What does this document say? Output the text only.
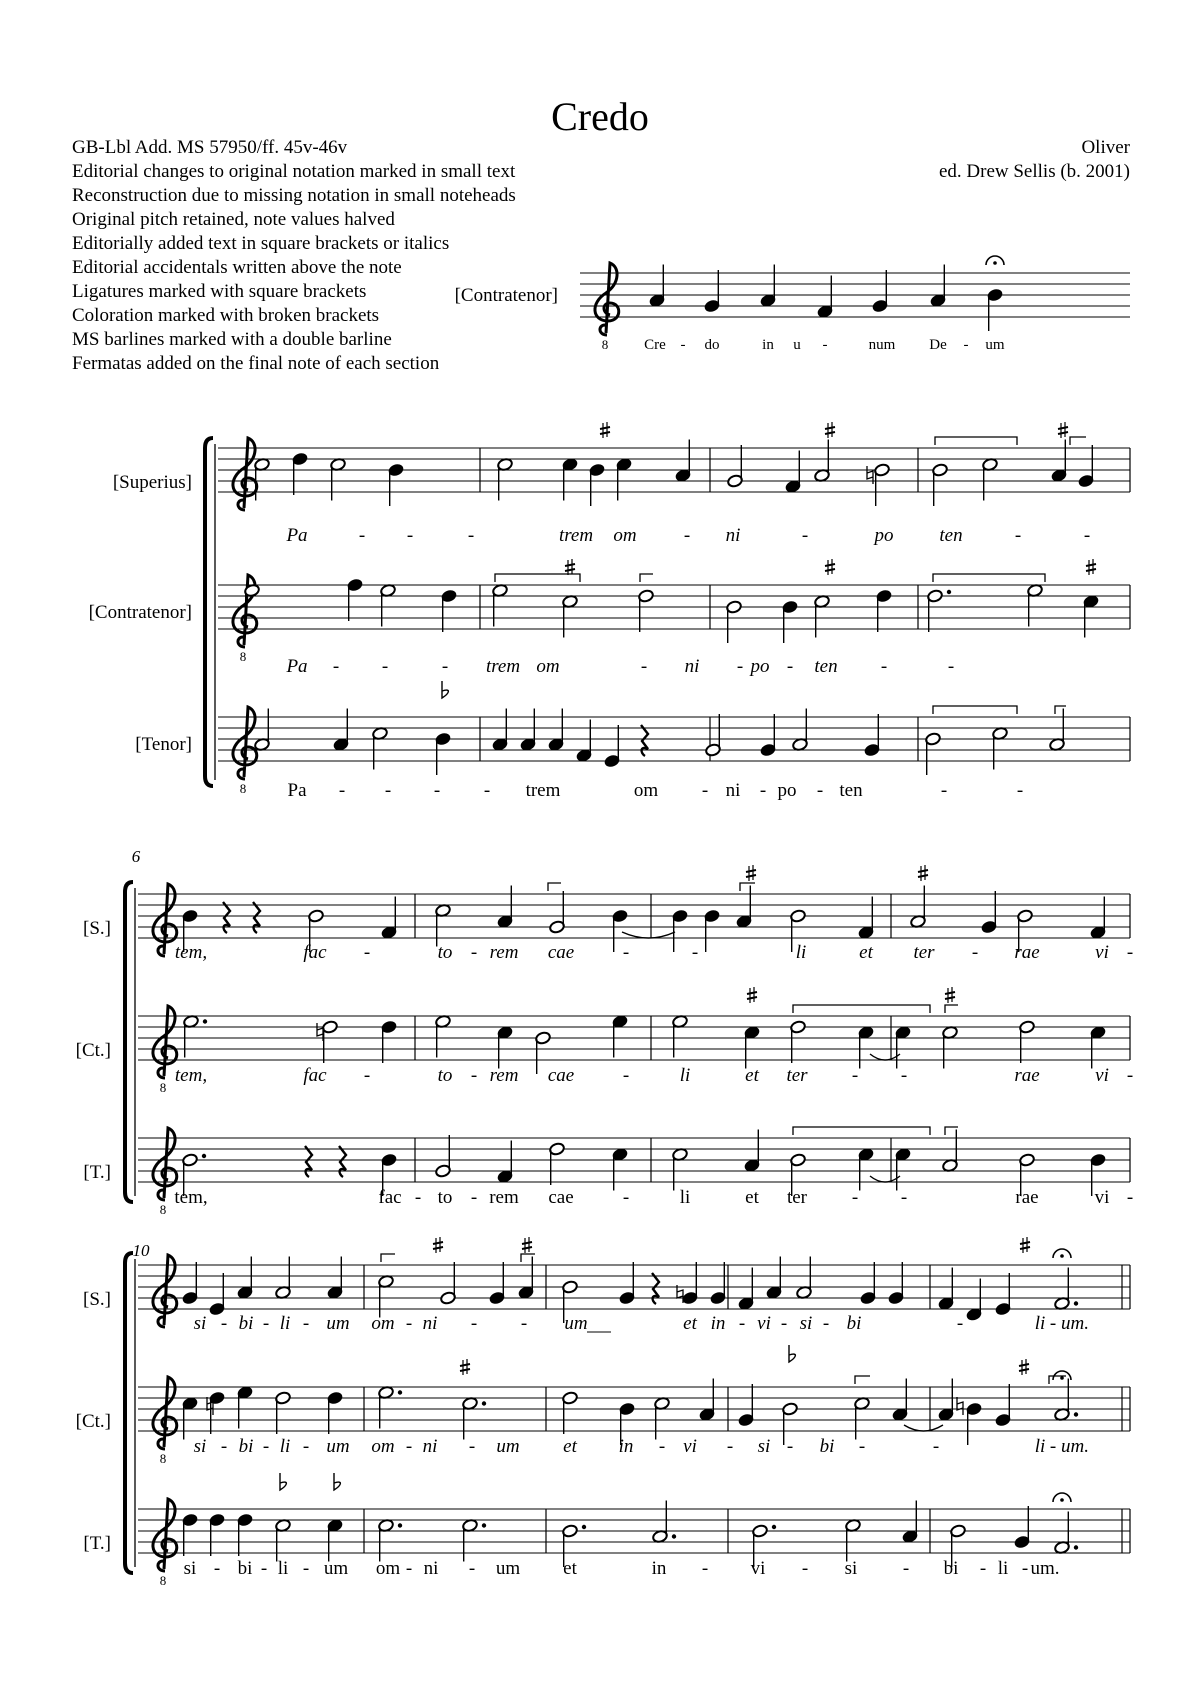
Credo
GB-Lbl Add. MS 57950/ff. 45v-46v
Editorial changes to original notation marked in small text
Reconstruction due to missing notation in small noteheads
Original pitch retained, note values halved
Editorially added text in square brackets or italics
Editorial accidentals written above the note
Ligatures marked with square brackets
Coloration marked with broken brackets
MS barlines marked with a double barline
Fermatas added on the final note of each section
Oliver
ed. Drew Sellis (b. 2001)
[Contratenor]
8 Cre - do	in u -	num De - um
[Superius]
[Contratenor]
[Tenor]
8
8
Pa	- -	-	trem om - ni	-	po ten	-	-
Pa - -	- trem om	- ni - po - ten -	-
Pa - - - - trem	om - ni - po - ten	-	-
6
[S.]
[Ct.]
[T.]
8
8
tem,	fac -	to - rem cae	-	-	li	et ter - rae	vi -
tem,	fac -	to - rem cae	-	li	et ter - -	rae	vi -
tem,	fac - to - rem cae	-	li	et ter - -	rae	vi -
10
[S.]
[Ct.]
[T.]
8
8
si - bi - li - um om - ni - - um	et in - vi - si - bi	-	li - um.
si - bi - li - um om - ni - um et in - vi - si - bi -	-	li - um.
si - bi - li - um om - ni - um et	in - vi - si - bi - li - um.
